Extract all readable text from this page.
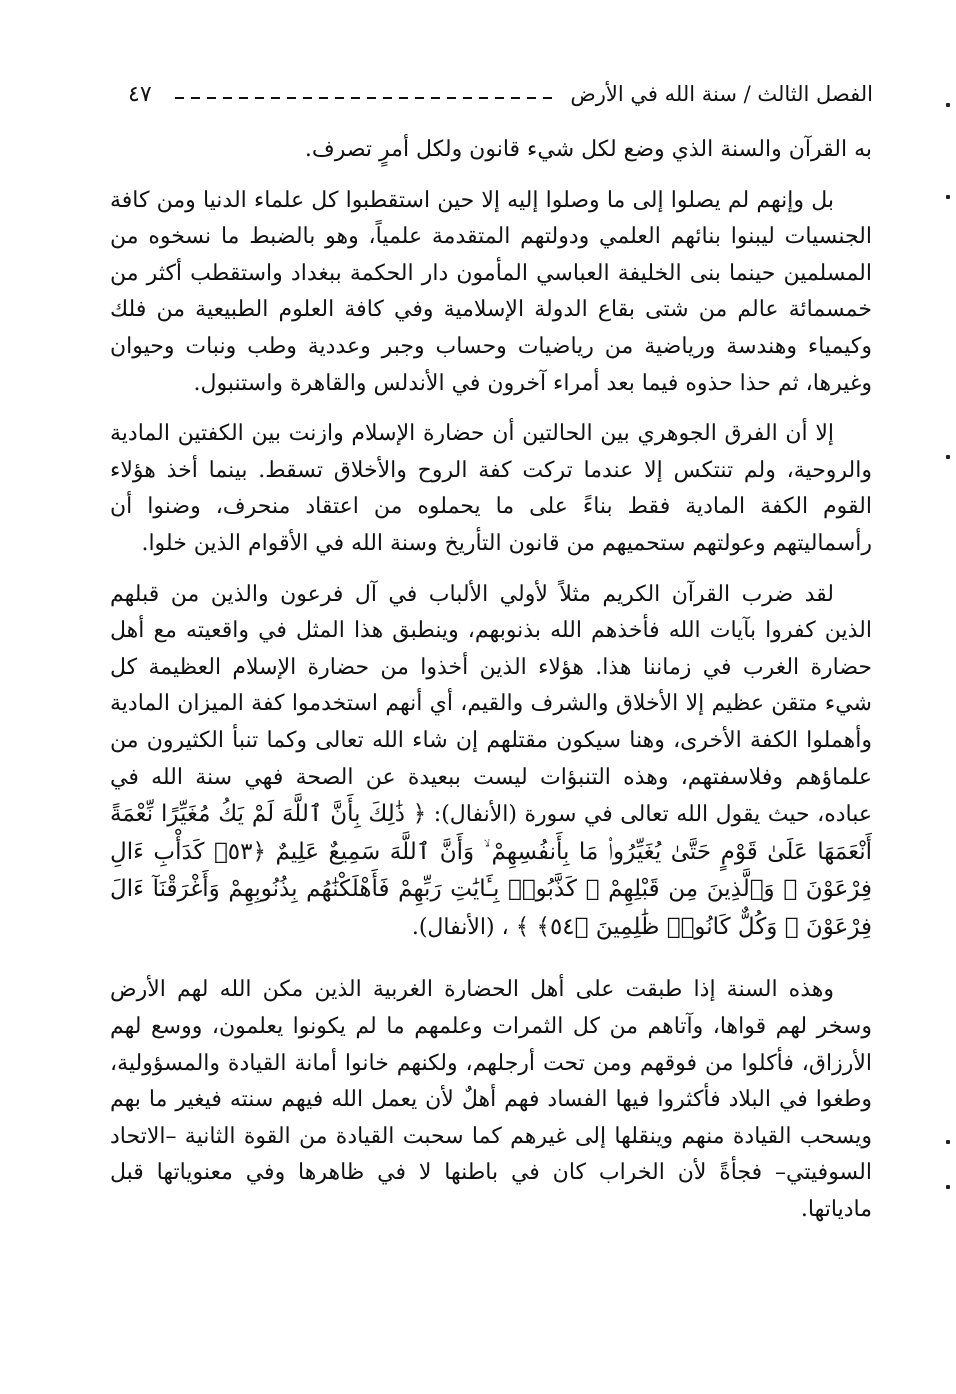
الفصل الثالث / سنة الله في الأرض
٤٧

به القرآن والسنة الذي وضع لكل شيء قانون ولكل أمرٍ تصرف.

بل وإنهم لم يصلوا إلى ما وصلوا إليه إلا حين استقطبوا كل علماء الدنيا ومن كافة الجنسيات ليبنوا بنائهم العلمي ودولتهم المتقدمة علمياً، وهو بالضبط ما نسخوه من المسلمين حينما بنى الخليفة العباسي المأمون دار الحكمة ببغداد واستقطب أكثر من خمسمائة عالم من شتى بقاع الدولة الإسلامية وفي كافة العلوم الطبيعية من فلك وكيمياء وهندسة ورياضية من رياضيات وحساب وجبر وعددية وطب ونبات وحيوان وغيرها، ثم حذا حذوه فيما بعد أمراء آخرون في الأندلس والقاهرة واستنبول.

إلا أن الفرق الجوهري بين الحالتين أن حضارة الإسلام وازنت بين الكفتين المادية والروحية، ولم تنتكس إلا عندما تركت كفة الروح والأخلاق تسقط. بينما أخذ هؤلاء القوم الكفة المادية فقط بناءً على ما يحملوه من اعتقاد منحرف، وضنوا أن رأسماليتهم وعولتهم ستحميهم من قانون التأريخ وسنة الله في الأقوام الذين خلوا.

لقد ضرب القرآن الكريم مثلاً لأولي الألباب في آل فرعون والذين من قبلهم الذين كفروا بآيات الله فأخذهم الله بذنوبهم، وينطبق هذا المثل في واقعيته مع أهل حضارة الغرب في زماننا هذا. هؤلاء الذين أخذوا من حضارة الإسلام العظيمة كل شيء متقن عظيم إلا الأخلاق والشرف والقيم، أي أنهم استخدموا كفة الميزان المادية وأهملوا الكفة الأخرى، وهنا سيكون مقتلهم إن شاء الله تعالى وكما تنبأ الكثيرون من علماؤهم وفلاسفتهم، وهذه التنبؤات ليست ببعيدة عن الصحة فهي سنة الله في عباده، حيث يقول الله تعالى في سورة (الأنفال): ﴿ ذَٰلِكَ بِأَنَّ ٱللَّهَ لَمْ يَكُ مُغَيِّرًا نِّعْمَةً أَنْعَمَهَا عَلَىٰ قَوْمٍ حَتَّىٰ يُغَيِّرُوا۟ مَا بِأَنفُسِهِمْ ۙ وَأَنَّ ٱللَّهَ سَمِيعٌ عَلِيمٌ ﴿٥٣﴾ كَدَأْبِ ءَالِ فِرْعَوْنَ ۙ وَٱلَّذِينَ مِن قَبْلِهِمْ ۚ كَذَّبُوا۟ بِـَٔايَٰتِ رَبِّهِمْ فَأَهْلَكْنَٰهُم بِذُنُوبِهِمْ وَأَغْرَقْنَآ ءَالَ فِرْعَوْنَ ۚ وَكُلٌّ كَانُوا۟ ظَٰلِمِينَ ﴿٥٤﴾ ﴾ ، (الأنفال).

وهذه السنة إذا طبقت على أهل الحضارة الغربية الذين مكن الله لهم الأرض وسخر لهم قواها، وآتاهم من كل الثمرات وعلمهم ما لم يكونوا يعلمون، ووسع لهم الأرزاق، فأكلوا من فوقهم ومن تحت أرجلهم، ولكنهم خانوا أمانة القيادة والمسؤولية، وطغوا في البلاد فأكثروا فيها الفساد فهم أهلٌ لأن يعمل الله فيهم سنته فيغير ما بهم ويسحب القيادة منهم وينقلها إلى غيرهم كما سحبت القيادة من القوة الثانية –الاتحاد السوفيتي– فجأةً لأن الخراب كان في باطنها لا في ظاهرها وفي معنوياتها قبل مادياتها.
